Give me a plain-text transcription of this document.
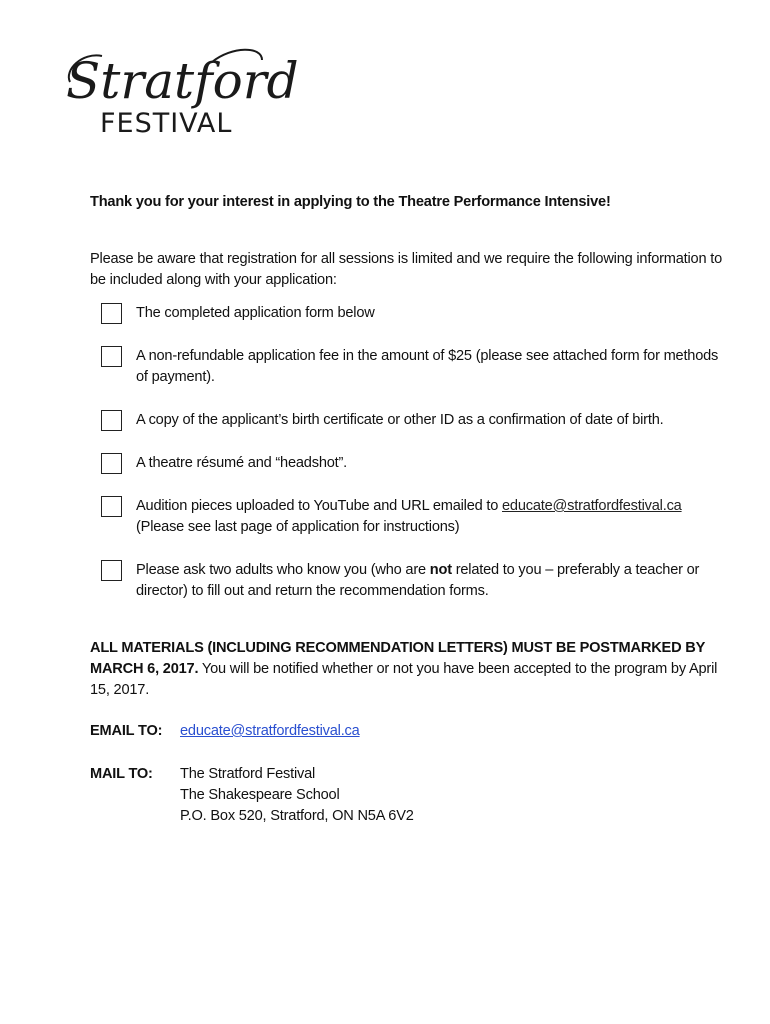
Stratford
FESTIVAL

Thank you for your interest in applying to the Theatre Performance Intensive!

Please be aware that registration for all sessions is limited and we require the following information to be included along with your application:

The completed application form below
A non-refundable application fee in the amount of $25 (please see attached form for methods of payment).
A copy of the applicant’s birth certificate or other ID as a confirmation of date of birth.
A theatre résumé and “headshot”.
Audition pieces uploaded to YouTube and URL emailed to educate@stratfordfestival.ca
(Please see last page of application for instructions)
Please ask two adults who know you (who are not related to you – preferably a teacher or director) to fill out and return the recommendation forms.

ALL MATERIALS (INCLUDING RECOMMENDATION LETTERS) MUST BE POSTMARKED BY MARCH 6, 2017. You will be notified whether or not you have been accepted to the program by April 15, 2017.

EMAIL TO:	educate@stratfordfestival.ca
MAIL TO:	The Stratford Festival
The Shakespeare School
P.O. Box 520, Stratford, ON N5A 6V2
